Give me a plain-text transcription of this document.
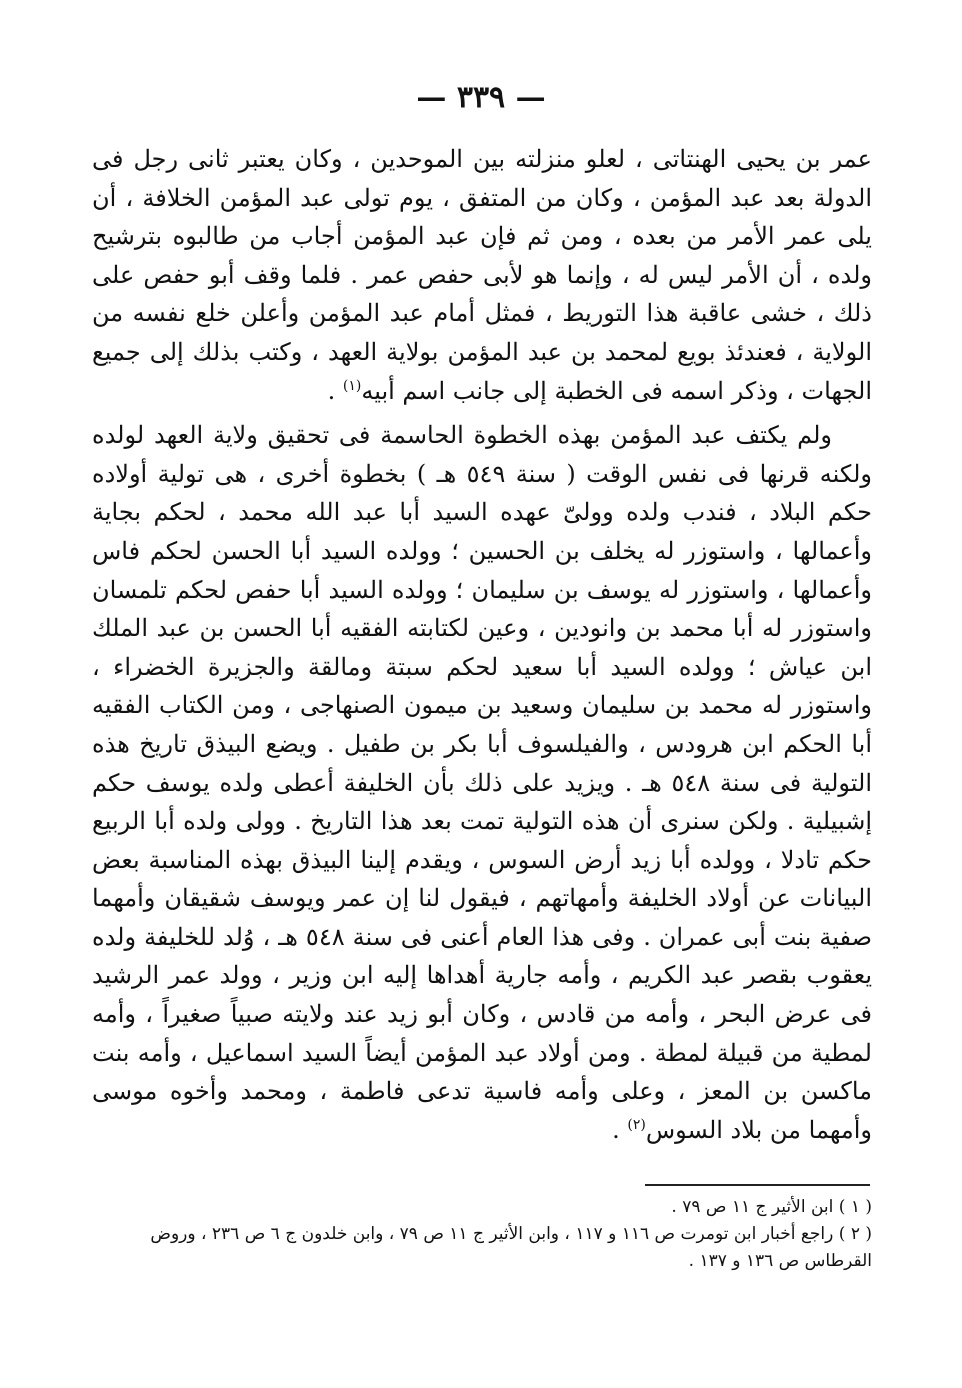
— ٣٣٩ —

عمر بن يحيى الهنتاتى ، لعلو منزلته بين الموحدين ، وكان يعتبر ثانى رجل فى الدولة بعد عبد المؤمن ، وكان من المتفق ، يوم تولى عبد المؤمن الخلافة ، أن يلى عمر الأمر من بعده ، ومن ثم فإن عبد المؤمن أجاب من طالبوه بترشيح ولده ، أن الأمر ليس له ، وإنما هو لأبى حفص عمر . فلما وقف أبو حفص على ذلك ، خشى عاقبة هذا التوريط ، فمثل أمام عبد المؤمن وأعلن خلع نفسه من الولاية ، فعندئذ بويع لمحمد بن عبد المؤمن بولاية العهد ، وكتب بذلك إلى جميع الجهات ، وذكر اسمه فى الخطبة إلى جانب اسم أبيه$^{(١)}$ .

ولم يكتف عبد المؤمن بهذه الخطوة الحاسمة فى تحقيق ولاية العهد لولده ولكنه قرنها فى نفس الوقت ( سنة ٥٤٩ هـ ) بخطوة أخرى ، هى تولية أولاده حكم البلاد ، فندب ولده وولىّ عهده السيد أبا عبد الله محمد ، لحكم بجاية وأعمالها ، واستوزر له يخلف بن الحسين ؛ وولده السيد أبا الحسن لحكم فاس وأعمالها ، واستوزر له يوسف بن سليمان ؛ وولده السيد أبا حفص لحكم تلمسان واستوزر له أبا محمد بن وانودين ، وعين لكتابته الفقيه أبا الحسن بن عبد الملك ابن عياش ؛ وولده السيد أبا سعيد لحكم سبتة ومالقة والجزيرة الخضراء ، واستوزر له محمد بن سليمان وسعيد بن ميمون الصنهاجى ، ومن الكتاب الفقيه أبا الحكم ابن هرودس ، والفيلسوف أبا بكر بن طفيل . ويضع البيذق تاريخ هذه التولية فى سنة ٥٤٨ هـ . ويزيد على ذلك بأن الخليفة أعطى ولده يوسف حكم إشبيلية . ولكن سنرى أن هذه التولية تمت بعد هذا التاريخ . وولى ولده أبا الربيع حكم تادلا ، وولده أبا زيد أرض السوس ، ويقدم إلينا البيذق بهذه المناسبة بعض البيانات عن أولاد الخليفة وأمهاتهم ، فيقول لنا إن عمر ويوسف شقيقان وأمهما صفية بنت أبى عمران . وفى هذا العام أعنى فى سنة ٥٤٨ هـ ، وُلد للخليفة ولده يعقوب بقصر عبد الكريم ، وأمه جارية أهداها إليه ابن وزير ، وولد عمر الرشيد فى عرض البحر ، وأمه من قادس ، وكان أبو زيد عند ولايته صبياً صغيراً ، وأمه لمطية من قبيلة لمطة . ومن أولاد عبد المؤمن أيضاً السيد اسماعيل ، وأمه بنت ماكسن بن المعز ، وعلى وأمه فاسية تدعى فاطمة ، ومحمد وأخوه موسى وأمهما من بلاد السوس$^{(٢)}$ .

( ١ ) ابن الأثير ج ١١ ص ٧٩ .

( ٢ ) راجع أخبار ابن تومرت ص ١١٦ و ١١٧ ، وابن الأثير ج ١١ ص ٧٩ ، وابن خلدون ج ٦ ص ٢٣٦ ، وروض القرطاس ص ١٣٦ و ١٣٧ .
